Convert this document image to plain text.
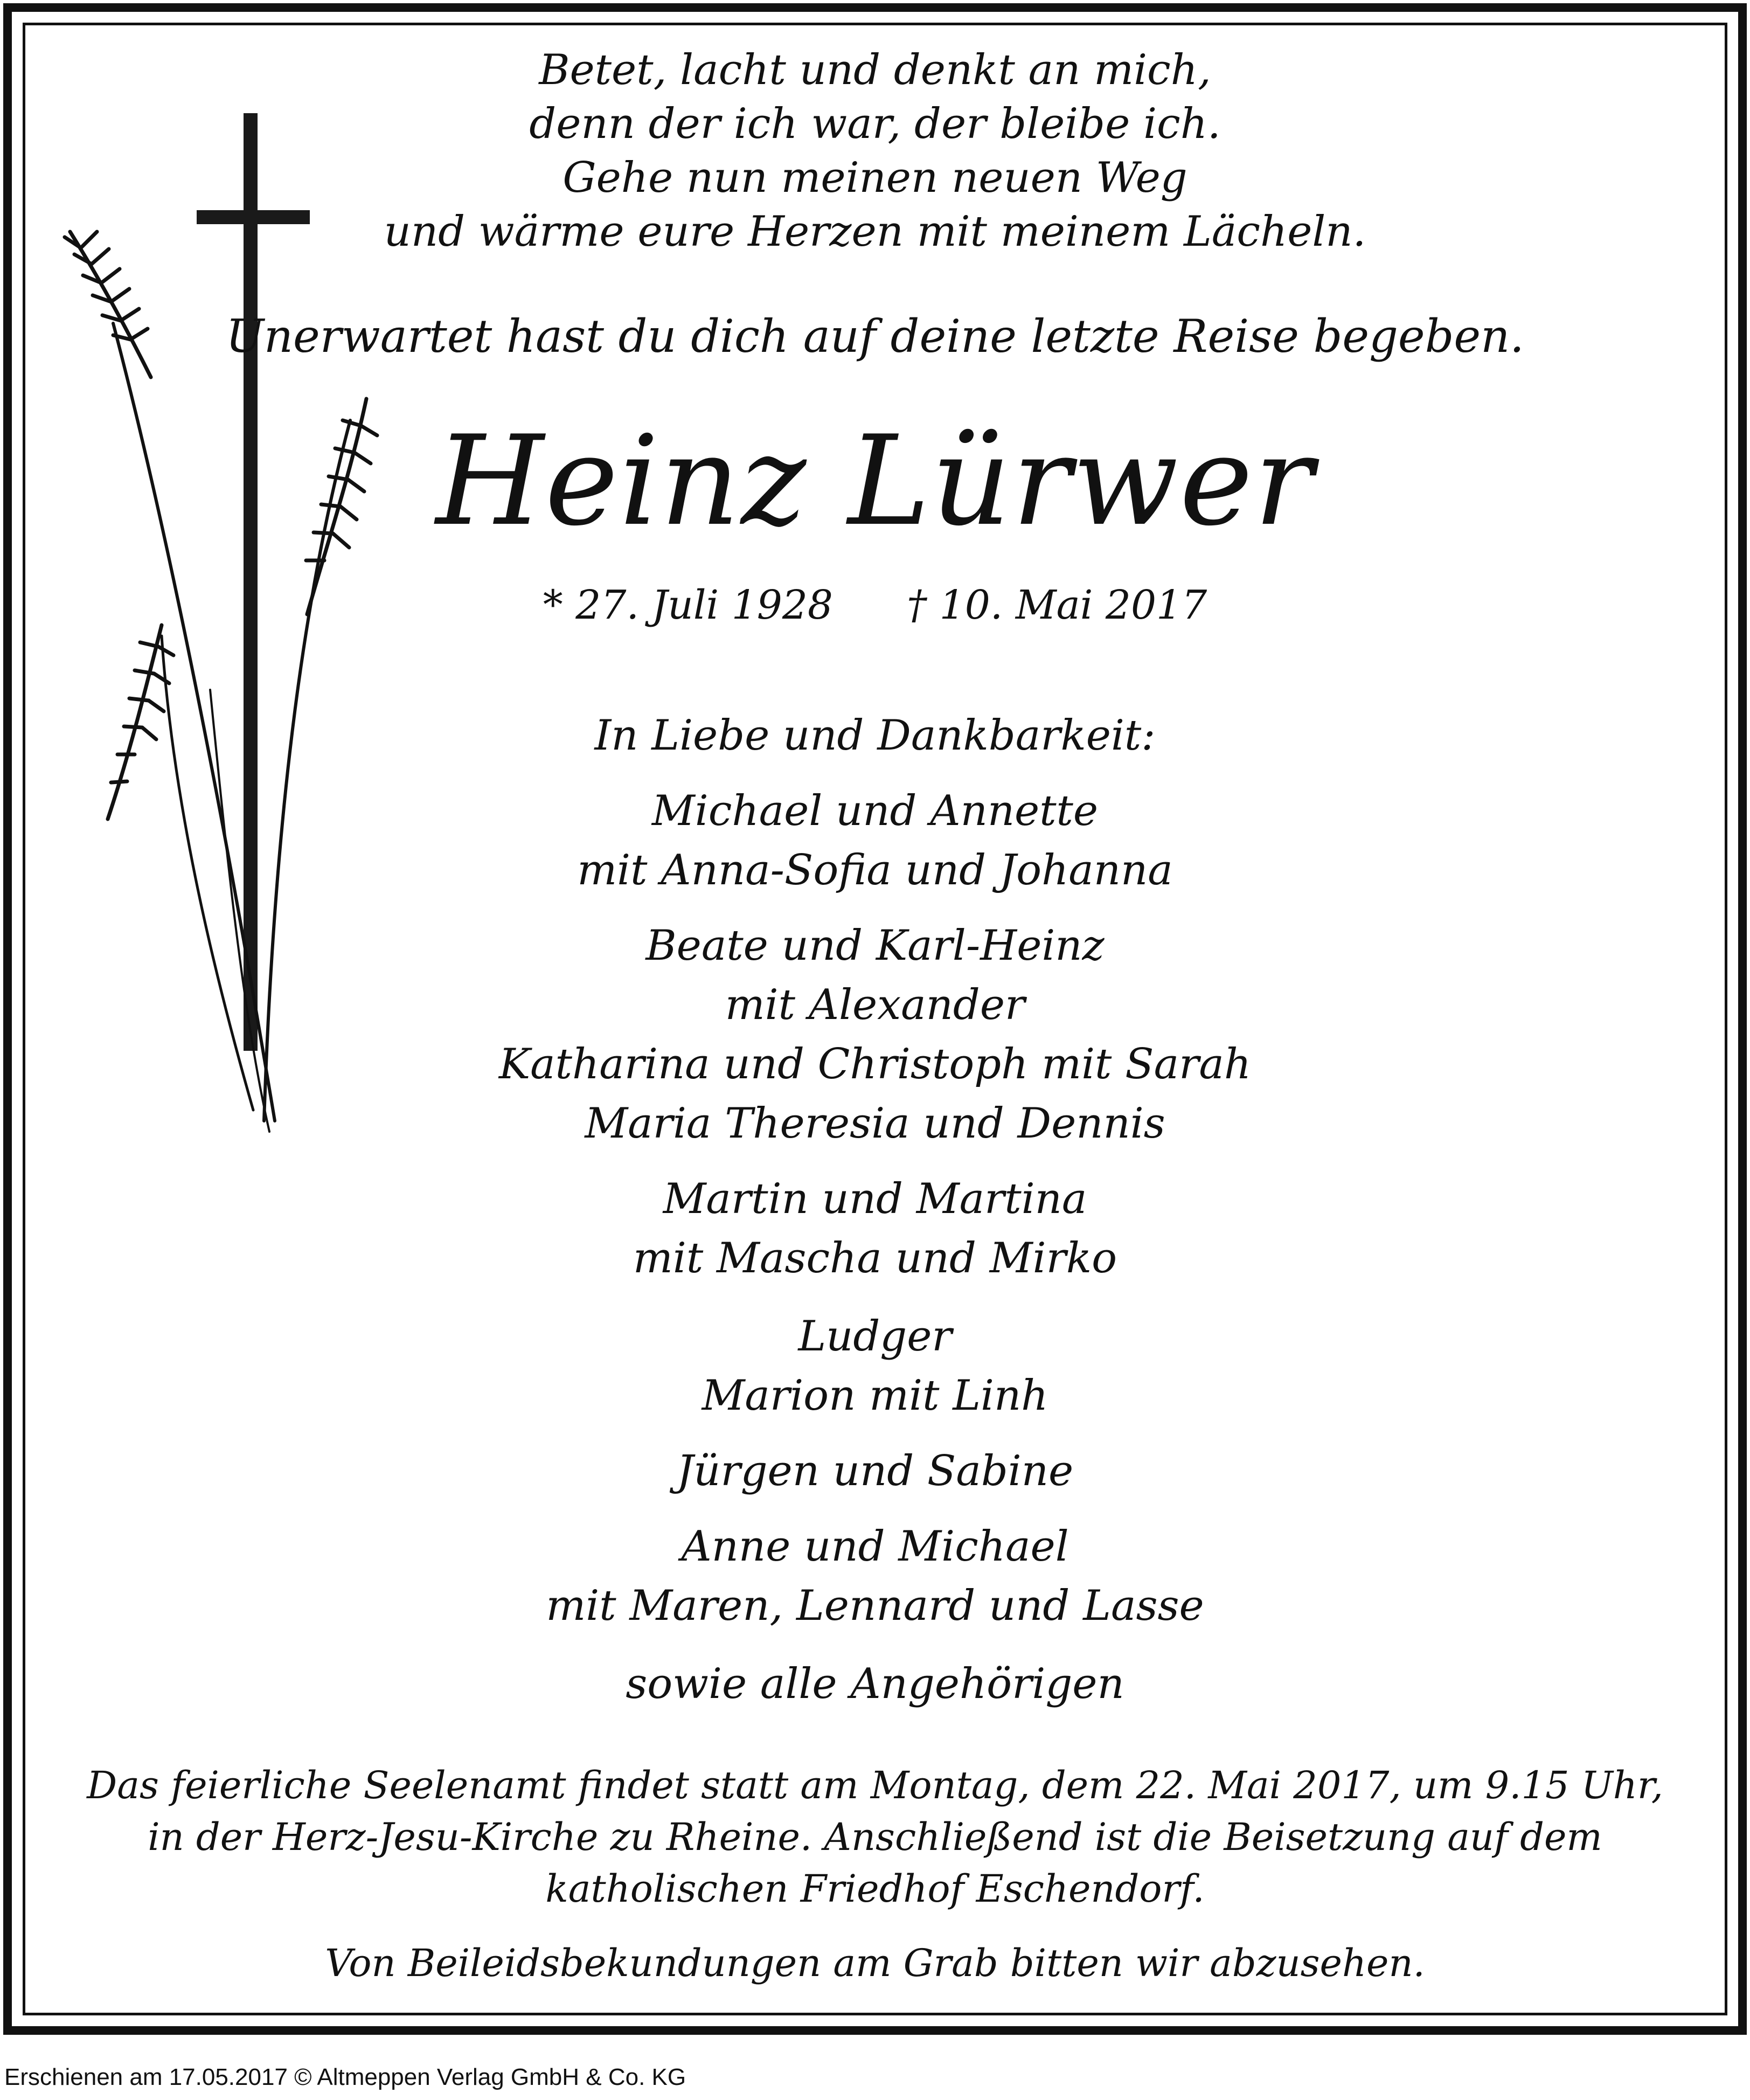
Betet, lacht und denkt an mich,
denn der ich war, der bleibe ich.
Gehe nun meinen neuen Weg
und wärme eure Herzen mit meinem Lächeln.
Unerwartet hast du dich auf deine letzte Reise begeben.
Heinz Lürwer
* 27. Juli 1928 † 10. Mai 2017
In Liebe und Dankbarkeit:
Michael und Annette
mit Anna-Sofia und Johanna
Beate und Karl-Heinz
mit Alexander
Katharina und Christoph mit Sarah
Maria Theresia und Dennis
Martin und Martina
mit Mascha und Mirko
Ludger
Marion mit Linh
Jürgen und Sabine
Anne und Michael
mit Maren, Lennard und Lasse
sowie alle Angehörigen
Das feierliche Seelenamt findet statt am Montag, dem 22. Mai 2017, um 9.15 Uhr,
in der Herz-Jesu-Kirche zu Rheine. Anschließend ist die Beisetzung auf dem
katholischen Friedhof Eschendorf.
Von Beileidsbekundungen am Grab bitten wir abzusehen.
Erschienen am 17.05.2017 © Altmeppen Verlag GmbH & Co. KG
